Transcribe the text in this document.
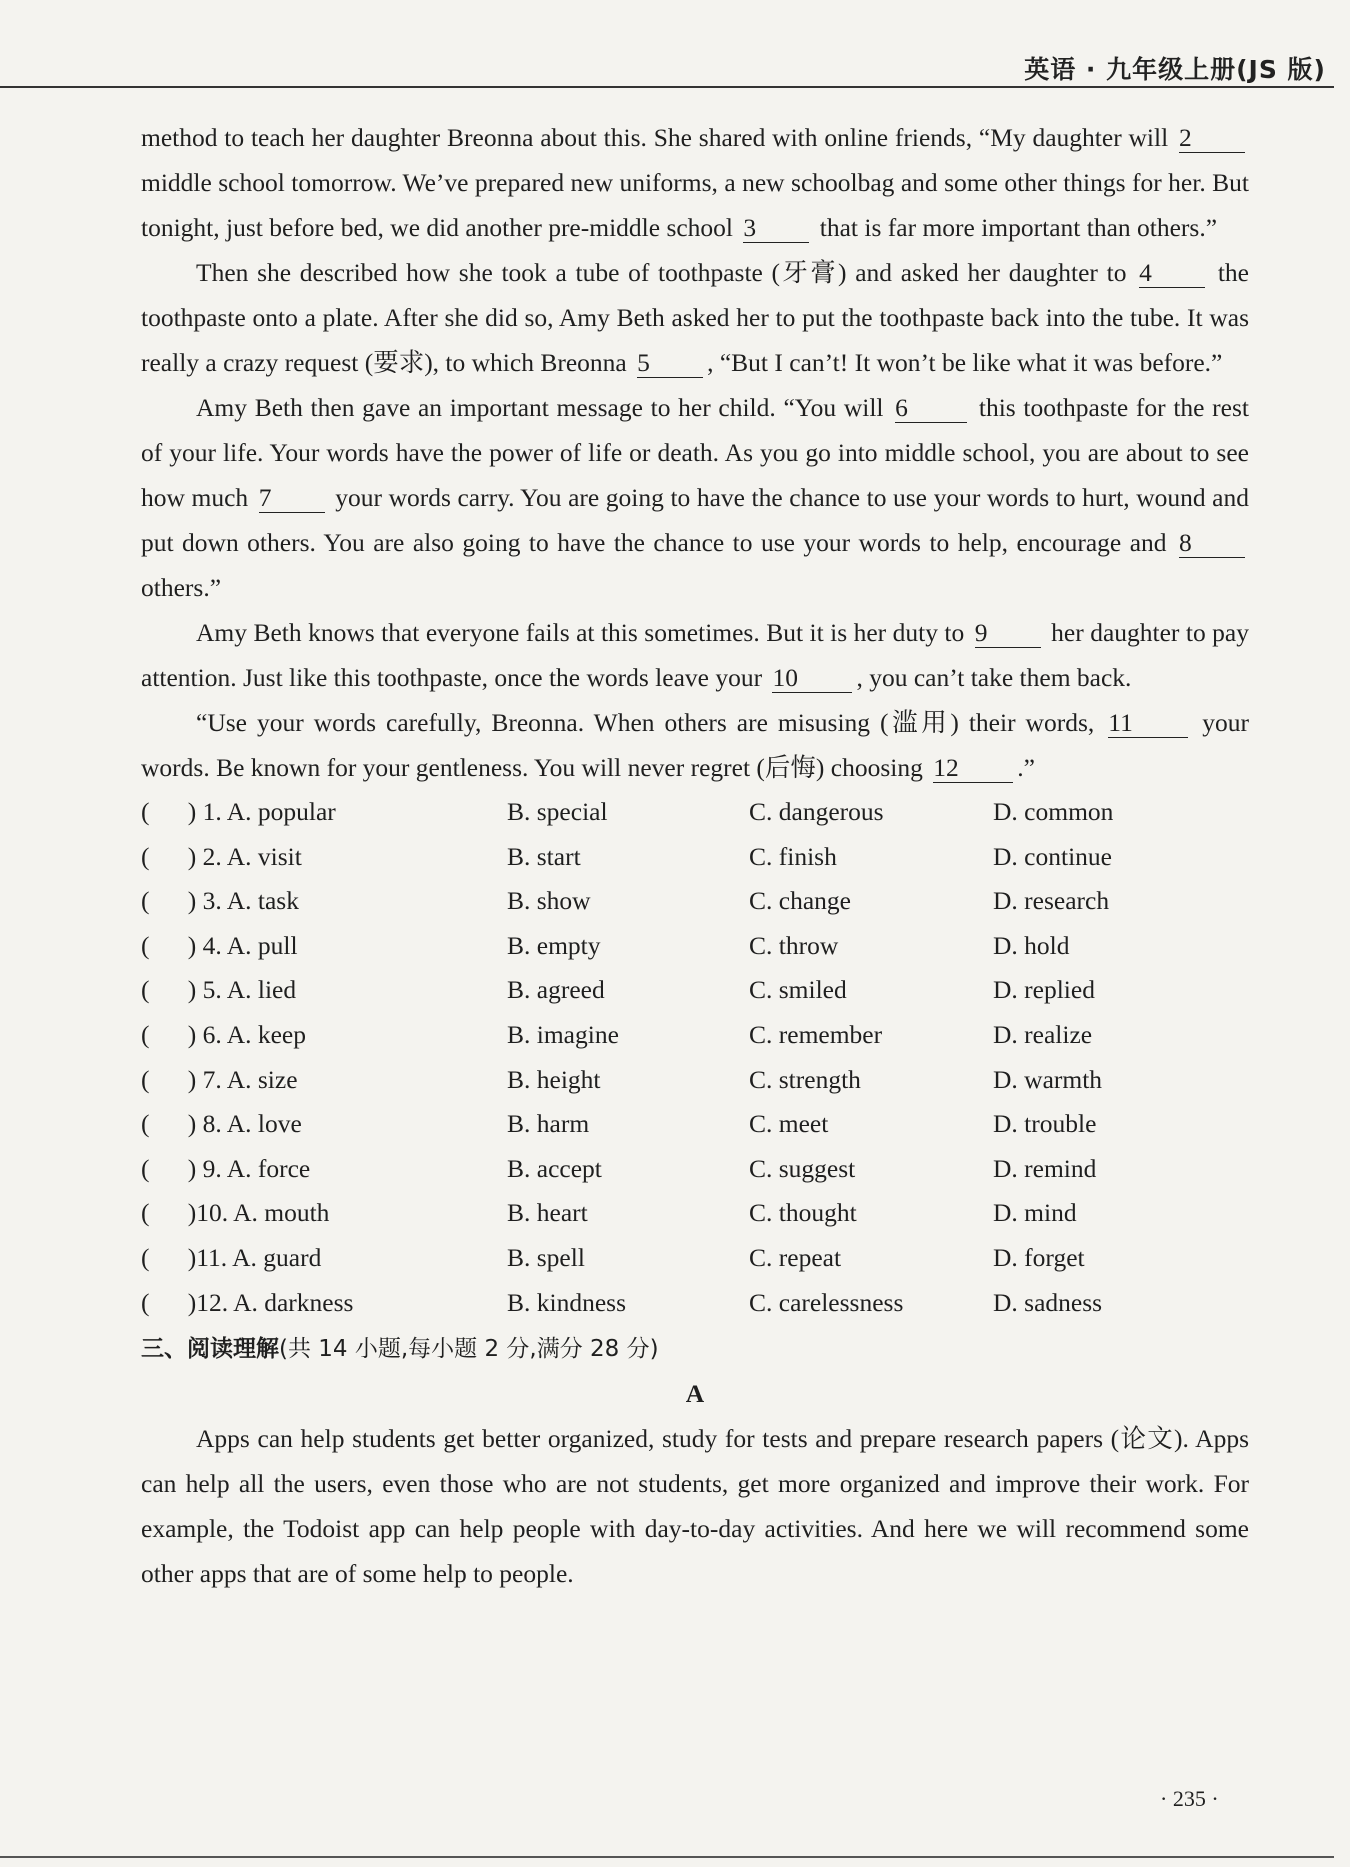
英语 · 九年级上册(JS 版)

method to teach her daughter Breonna about this. She shared with online friends, “My daughter will 2 middle school tomorrow. We’ve prepared new uniforms, a new schoolbag and some other things for her. But tonight, just before bed, we did another pre-middle school 3 that is far more important than others.”

Then she described how she took a tube of toothpaste (牙膏) and asked her daughter to 4 the toothpaste onto a plate. After she did so, Amy Beth asked her to put the toothpaste back into the tube. It was really a crazy request (要求), to which Breonna 5 , “But I can’t! It won’t be like what it was before.”

Amy Beth then gave an important message to her child. “You will 6 this toothpaste for the rest of your life. Your words have the power of life or death. As you go into middle school, you are about to see how much 7 your words carry. You are going to have the chance to use your words to hurt, wound and put down others. You are also going to have the chance to use your words to help, encourage and 8 others.”

Amy Beth knows that everyone fails at this sometimes. But it is her duty to 9 her daughter to pay attention. Just like this toothpaste, once the words leave your 10 , you can’t take them back.

“Use your words carefully, Breonna. When others are misusing (滥用) their words, 11 your words. Be known for your gentleness. You will never regret (后悔) choosing 12 .”

(      ) 1. A. popular	B. special	C. dangerous	D. common
(      ) 2. A. visit	B. start	C. finish	D. continue
(      ) 3. A. task	B. show	C. change	D. research
(      ) 4. A. pull	B. empty	C. throw	D. hold
(      ) 5. A. lied	B. agreed	C. smiled	D. replied
(      ) 6. A. keep	B. imagine	C. remember	D. realize
(      ) 7. A. size	B. height	C. strength	D. warmth
(      ) 8. A. love	B. harm	C. meet	D. trouble
(      ) 9. A. force	B. accept	C. suggest	D. remind
(      )10. A. mouth	B. heart	C. thought	D. mind
(      )11. A. guard	B. spell	C. repeat	D. forget
(      )12. A. darkness	B. kindness	C. carelessness	D. sadness
三、阅读理解(共 14 小题,每小题 2 分,满分 28 分)
A

Apps can help students get better organized, study for tests and prepare research papers (论文). Apps can help all the users, even those who are not students, get more organized and improve their work. For example, the Todoist app can help people with day-to-day activities. And here we will recommend some other apps that are of some help to people.

· 235 ·
